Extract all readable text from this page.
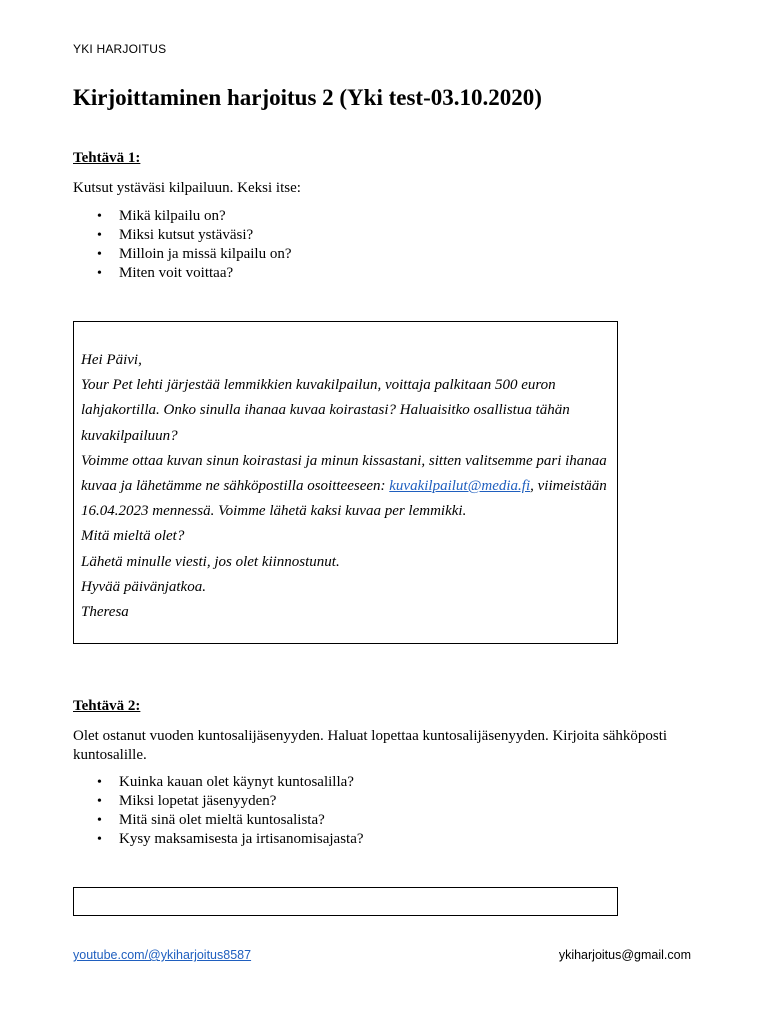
YKI HARJOITUS
Kirjoittaminen harjoitus 2 (Yki test-03.10.2020)
Tehtävä 1:

Kutsut ystäväsi kilpailuun. Keksi itse:

• Mikä kilpailu on?
• Miksi kutsut ystäväsi?
• Milloin ja missä kilpailu on?
• Miten voit voittaa?

Hei Päivi,

Your Pet lehti järjestää lemmikkien kuvakilpailun, voittaja palkitaan 500 euron lahjakortilla. Onko sinulla ihanaa kuvaa koirastasi? Haluaisitko osallistua tähän kuvakilpailuun?

Voimme ottaa kuvan sinun koirastasi ja minun kissastani, sitten valitsemme pari ihanaa kuvaa ja lähetämme ne sähköpostilla osoitteeseen: kuvakilpailut@media.fi, viimeistään 16.04.2023 mennessä. Voimme lähetä kaksi kuvaa per lemmikki.

Mitä mieltä olet?

Lähetä minulle viesti, jos olet kiinnostunut.

Hyvää päivänjatkoa.

Theresa

Tehtävä 2:

Olet ostanut vuoden kuntosalijäsenyyden. Haluat lopettaa kuntosalijäsenyyden. Kirjoita sähköposti kuntosalille.

• Kuinka kauan olet käynyt kuntosalilla?
• Miksi lopetat jäsenyyden?
• Mitä sinä olet mieltä kuntosalista?
• Kysy maksamisesta ja irtisanomisajasta?
youtube.com/@ykiharjoitus8587	ykiharjoitus@gmail.com
